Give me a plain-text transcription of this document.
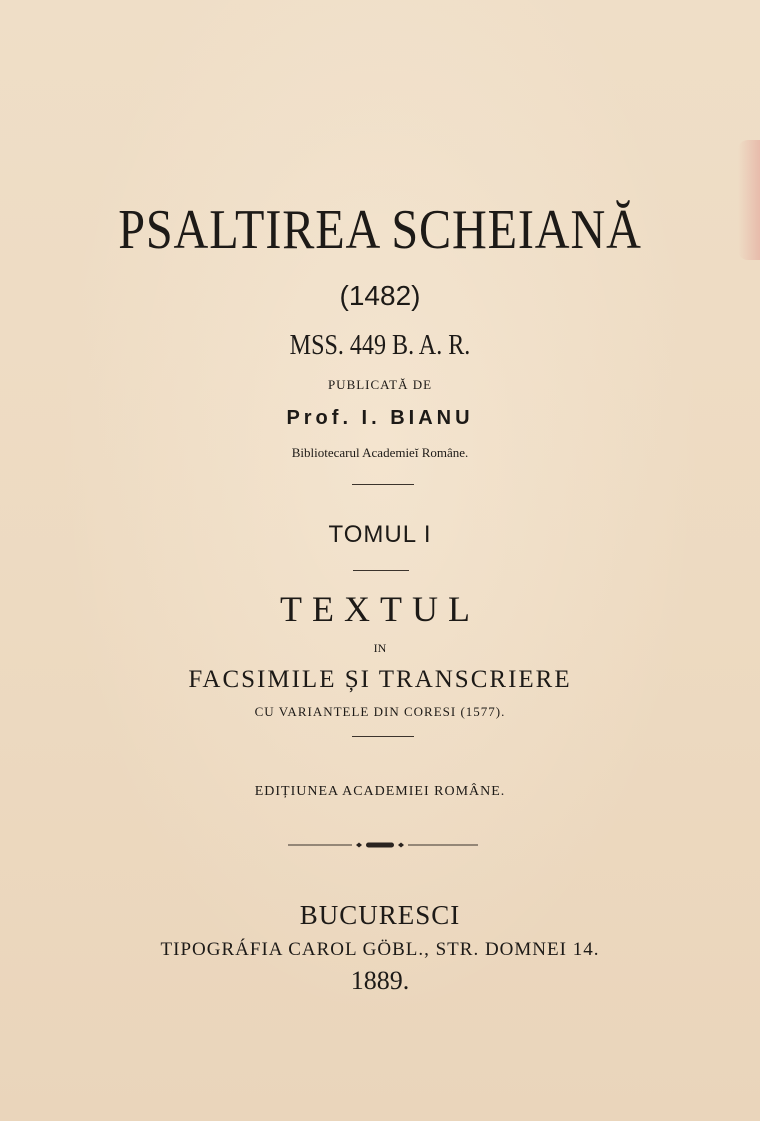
PSALTIREA SCHEIANĂ
(1482)
MSS. 449 B. A. R.
PUBLICATĂ DE
Prof. I. BIANU
Bibliotecarul Academieĭ Române.
TOMUL I
TEXTUL
IN
FACSIMILE ȘI TRANSCRIERE
CU VARIANTELE DIN CORESI (1577).
EDIȚIUNEA ACADEMIEI ROMÂNE.
BUCURESCI
TIPOGRÁFIA CAROL GÖBL., STR. DOMNEI 14.
1889.
